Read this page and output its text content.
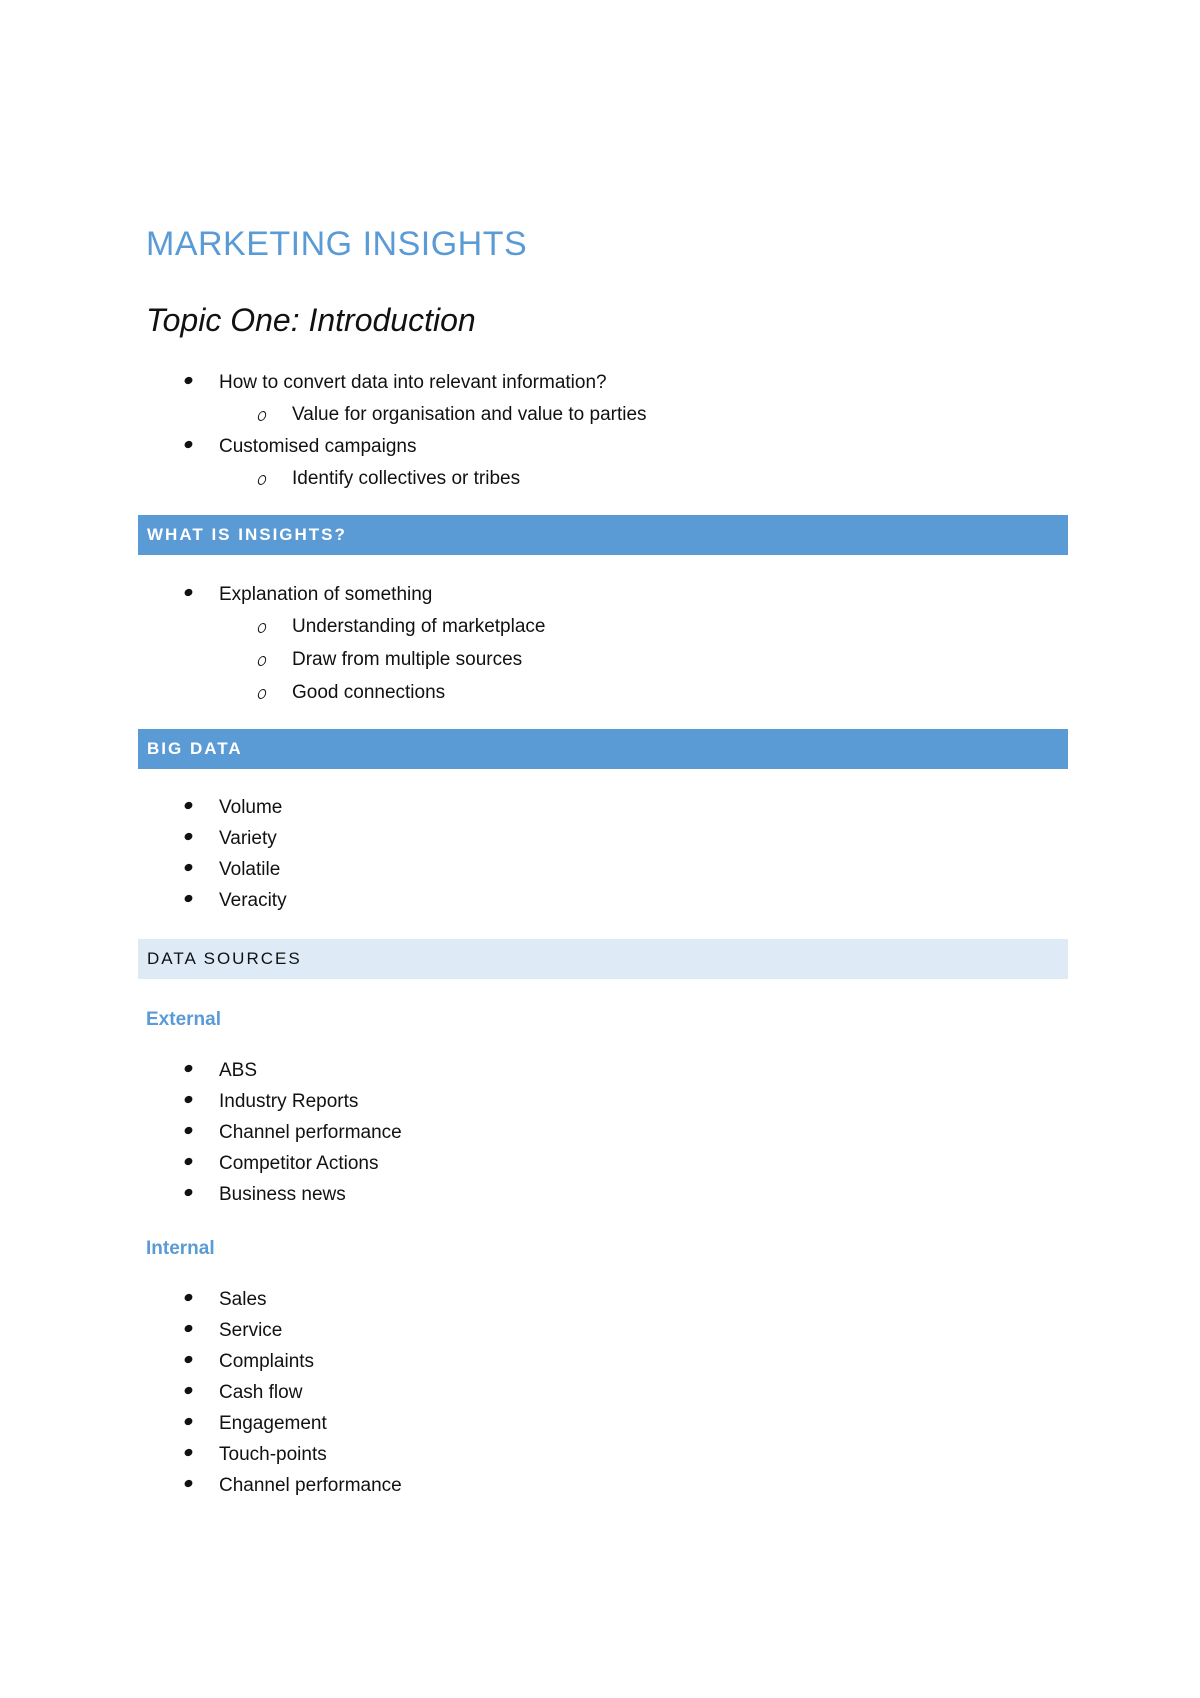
MARKETING INSIGHTS
Topic One: Introduction
How to convert data into relevant information?
Value for organisation and value to parties
Customised campaigns
Identify collectives or tribes
WHAT IS INSIGHTS?
Explanation of something
Understanding of marketplace
Draw from multiple sources
Good connections
BIG DATA
Volume
Variety
Volatile
Veracity
DATA SOURCES
External
ABS
Industry Reports
Channel performance
Competitor Actions
Business news
Internal
Sales
Service
Complaints
Cash flow
Engagement
Touch-points
Channel performance
